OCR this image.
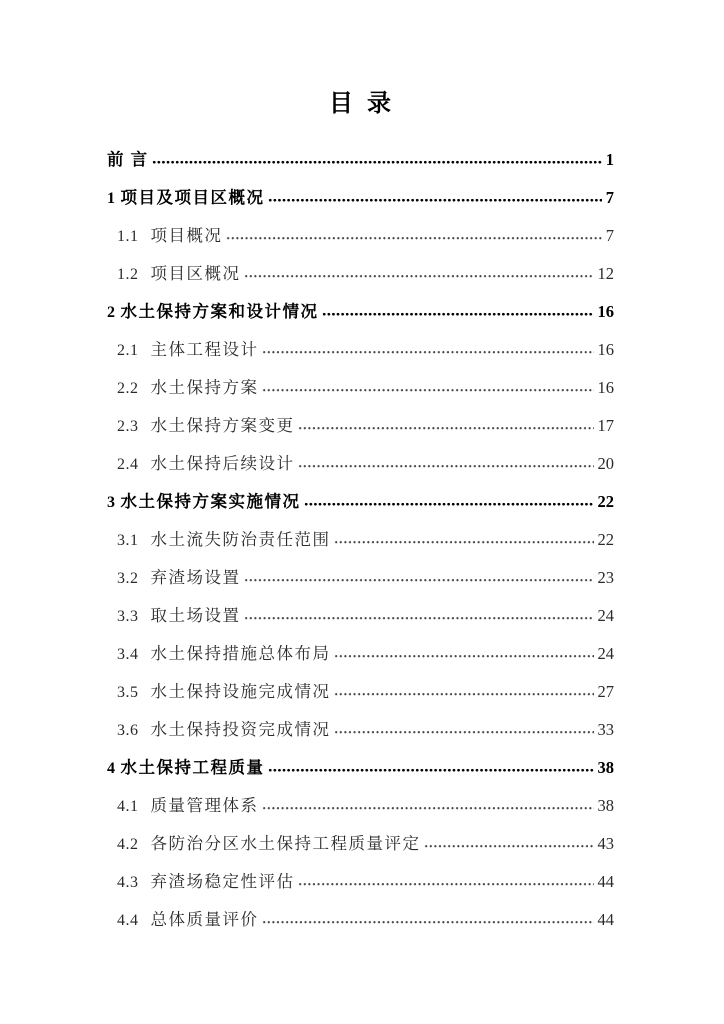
目 录
前 言	1
1 项目及项目区概况	7
1.1 项目概况	7
1.2 项目区概况	12
2 水土保持方案和设计情况	16
2.1 主体工程设计	16
2.2 水土保持方案	16
2.3 水土保持方案变更	17
2.4 水土保持后续设计	20
3 水土保持方案实施情况	22
3.1 水土流失防治责任范围	22
3.2 弃渣场设置	23
3.3 取土场设置	24
3.4 水土保持措施总体布局	24
3.5 水土保持设施完成情况	27
3.6 水土保持投资完成情况	33
4 水土保持工程质量	38
4.1 质量管理体系	38
4.2 各防治分区水土保持工程质量评定	43
4.3 弃渣场稳定性评估	44
4.4 总体质量评价	44
